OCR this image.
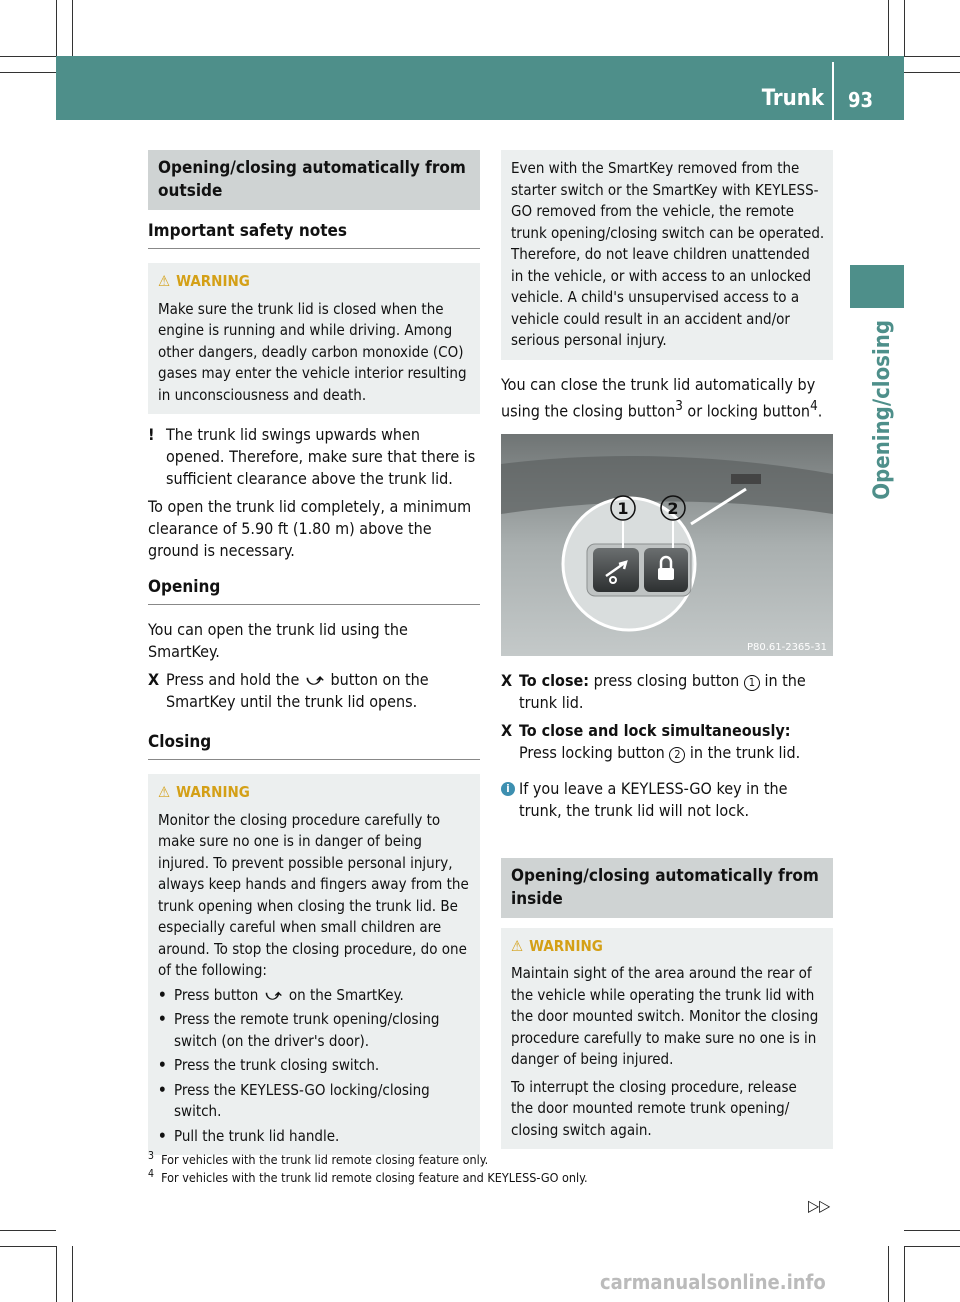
Trunk 93
Opening/closing
Opening/closing automatically from outside
Important safety notes
⚠ WARNING

Make sure the trunk lid is closed when the engine is running and while driving. Among other dangers, deadly carbon monoxide (CO) gases may enter the vehicle interior resulting in unconsciousness and death.

! The trunk lid swings upwards when opened. Therefore, make sure that there is sufficient clearance above the trunk lid.

To open the trunk lid completely, a minimum clearance of 5.90 ft (1.80 m) above the ground is necessary.

Opening

You can open the trunk lid using the SmartKey.

X Press and hold the ⤻ button on the SmartKey until the trunk lid opens.
Closing
⚠ WARNING

Monitor the closing procedure carefully to make sure no one is in danger of being injured. To prevent possible personal injury, always keep hands and fingers away from the trunk opening when closing the trunk lid. Be especially careful when small children are around. To stop the closing procedure, do one of the following:

• Press button ⤻ on the SmartKey.
• Press the remote trunk opening/closing switch (on the driver's door).
• Press the trunk closing switch.
• Press the KEYLESS-GO locking/closing switch.
• Pull the trunk lid handle.

Even with the SmartKey removed from the starter switch or the SmartKey with KEYLESS-GO removed from the vehicle, the remote trunk opening/closing switch can be operated. Therefore, do not leave children unattended in the vehicle, or with access to an unlocked vehicle. A child's unsupervised access to a vehicle could result in an accident and/or serious personal injury.

You can close the trunk lid automatically by using the closing button$^3$ or locking button$^4$.

1 2
P80.61-2365-31
X To close: press closing button 1 in the trunk lid.
X To close and lock simultaneously:
Press locking button 2 in the trunk lid.
i If you leave a KEYLESS-GO key in the trunk, the trunk lid will not lock.
Opening/closing automatically from inside
⚠ WARNING

Maintain sight of the area around the rear of the vehicle while operating the trunk lid with the door mounted switch. Monitor the closing procedure carefully to make sure no one is in danger of being injured.

To interrupt the closing procedure, release the door mounted remote trunk opening/ closing switch again.

$^3$ For vehicles with the trunk lid remote closing feature only.
$^4$ For vehicles with the trunk lid remote closing feature and KEYLESS-GO only.
▷▷
carmanualsonline.info
